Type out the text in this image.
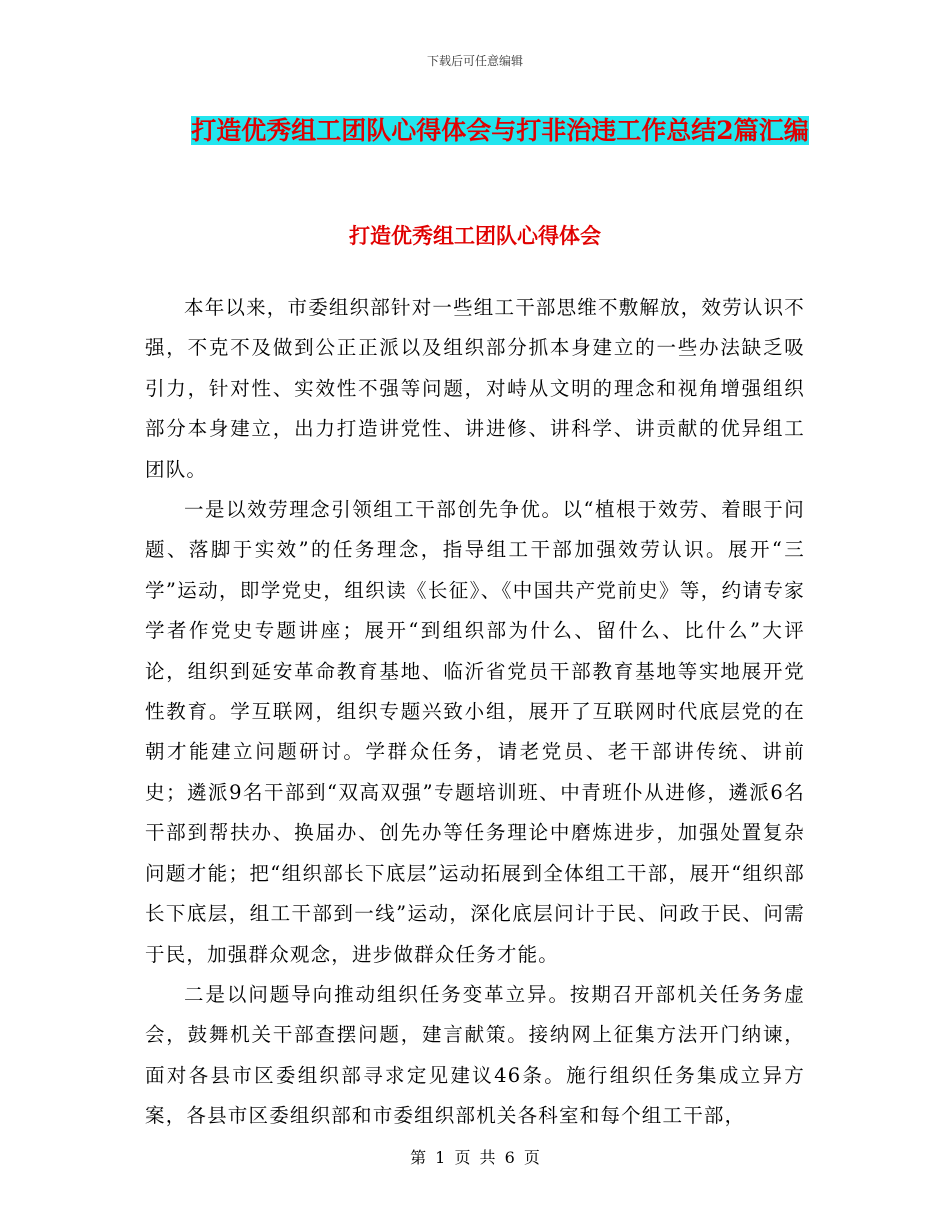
下载后可任意编辑
打造优秀组工团队心得体会与打非治违工作总结2篇汇编
打造优秀组工团队心得体会

本年以来，市委组织部针对一些组工干部思维不敷解放，效劳认识不强，不克不及做到公正正派以及组织部分抓本身建立的一些办法缺乏吸引力，针对性、实效性不强等问题，对峙从文明的理念和视角增强组织部分本身建立，出力打造讲党性、讲进修、讲科学、讲贡献的优异组工团队。

一是以效劳理念引领组工干部创先争优。以“植根于效劳、着眼于问题、落脚于实效”的任务理念，指导组工干部加强效劳认识。展开“三学”运动，即学党史，组织读《长征》、《中国共产党前史》等，约请专家学者作党史专题讲座；展开“到组织部为什么、留什么、比什么”大评论，组织到延安革命教育基地、临沂省党员干部教育基地等实地展开党性教育。学互联网，组织专题兴致小组，展开了互联网时代底层党的在朝才能建立问题研讨。学群众任务，请老党员、老干部讲传统、讲前史；遴派9名干部到“双高双强”专题培训班、中青班仆从进修，遴派6名干部到帮扶办、换届办、创先办等任务理论中磨炼进步，加强处置复杂问题才能；把“组织部长下底层”运动拓展到全体组工干部，展开“组织部长下底层，组工干部到一线”运动，深化底层问计于民、问政于民、问需于民，加强群众观念，进步做群众任务才能。

二是以问题导向推动组织任务变革立异。按期召开部机关任务务虚会，鼓舞机关干部查摆问题，建言献策。接纳网上征集方法开门纳谏，面对各县市区委组织部寻求定见建议46条。施行组织任务集成立异方案，各县市区委组织部和市委组织部机关各科室和每个组工干部，

第 1 页 共 6 页
